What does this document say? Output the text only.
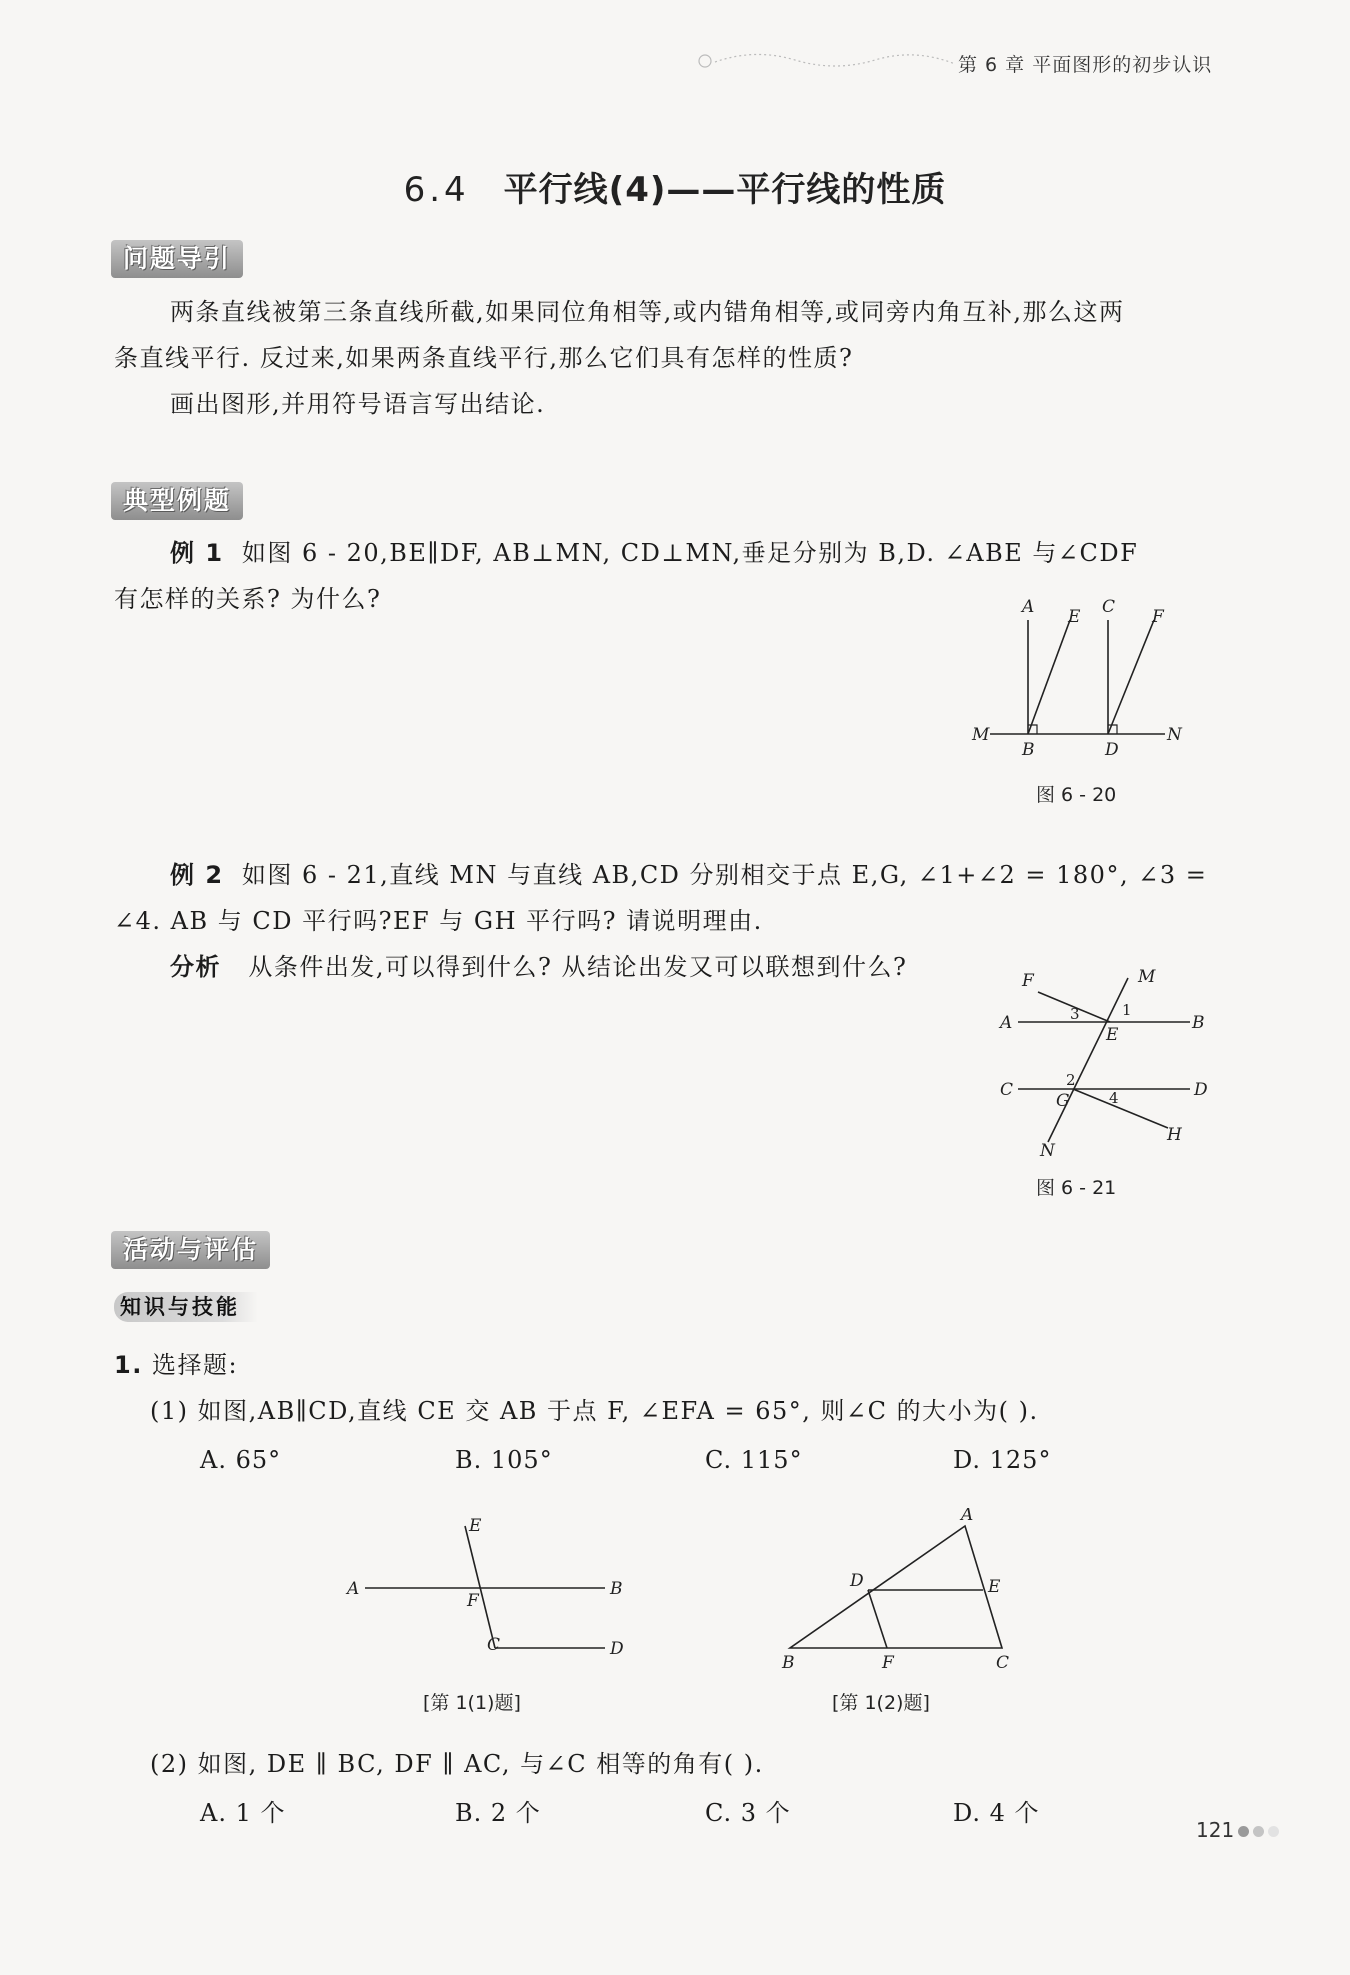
第 6 章 平面图形的初步认识
6.4 平行线(4)——平行线的性质
问题导引
两条直线被第三条直线所截,如果同位角相等,或内错角相等,或同旁内角互补,那么这两
条直线平行. 反过来,如果两条直线平行,那么它们具有怎样的性质?
画出图形,并用符号语言写出结论.
典型例题
例 1 如图 6 - 20,BE∥DF, AB⊥MN, CD⊥MN,垂足分别为 B,D. ∠ABE 与∠CDF
有怎样的关系? 为什么?	A E C F
M	N
B	D
图 6 - 20
例 2 如图 6 - 21,直线 MN 与直线 AB,CD 分别相交于点 E,G, ∠1+∠2 = 180°, ∠3 =
∠4. AB 与 CD 平行吗?EF 与 GH 平行吗? 请说明理由.
分析 从条件出发,可以得到什么? 从结论出发又可以联想到什么?	M
F
A	B
E
C	D
G
H
N
1
2
3
4
图 6 - 21
活动与评估
知识与技能
1. 选择题:
(1) 如图,AB∥CD,直线 CE 交 AB 于点 F, ∠EFA = 65°, 则∠C 的大小为( ).
A. 65°	B. 105°	C. 115°	D. 125°
E
A	B
F
C	D
[第 1(1)题]
A
D	E
B	F	C
[第 1(2)题]
(2) 如图, DE ∥ BC, DF ∥ AC, 与∠C 相等的角有( ).
A. 1 个	B. 2 个	C. 3 个	D. 4 个
121
